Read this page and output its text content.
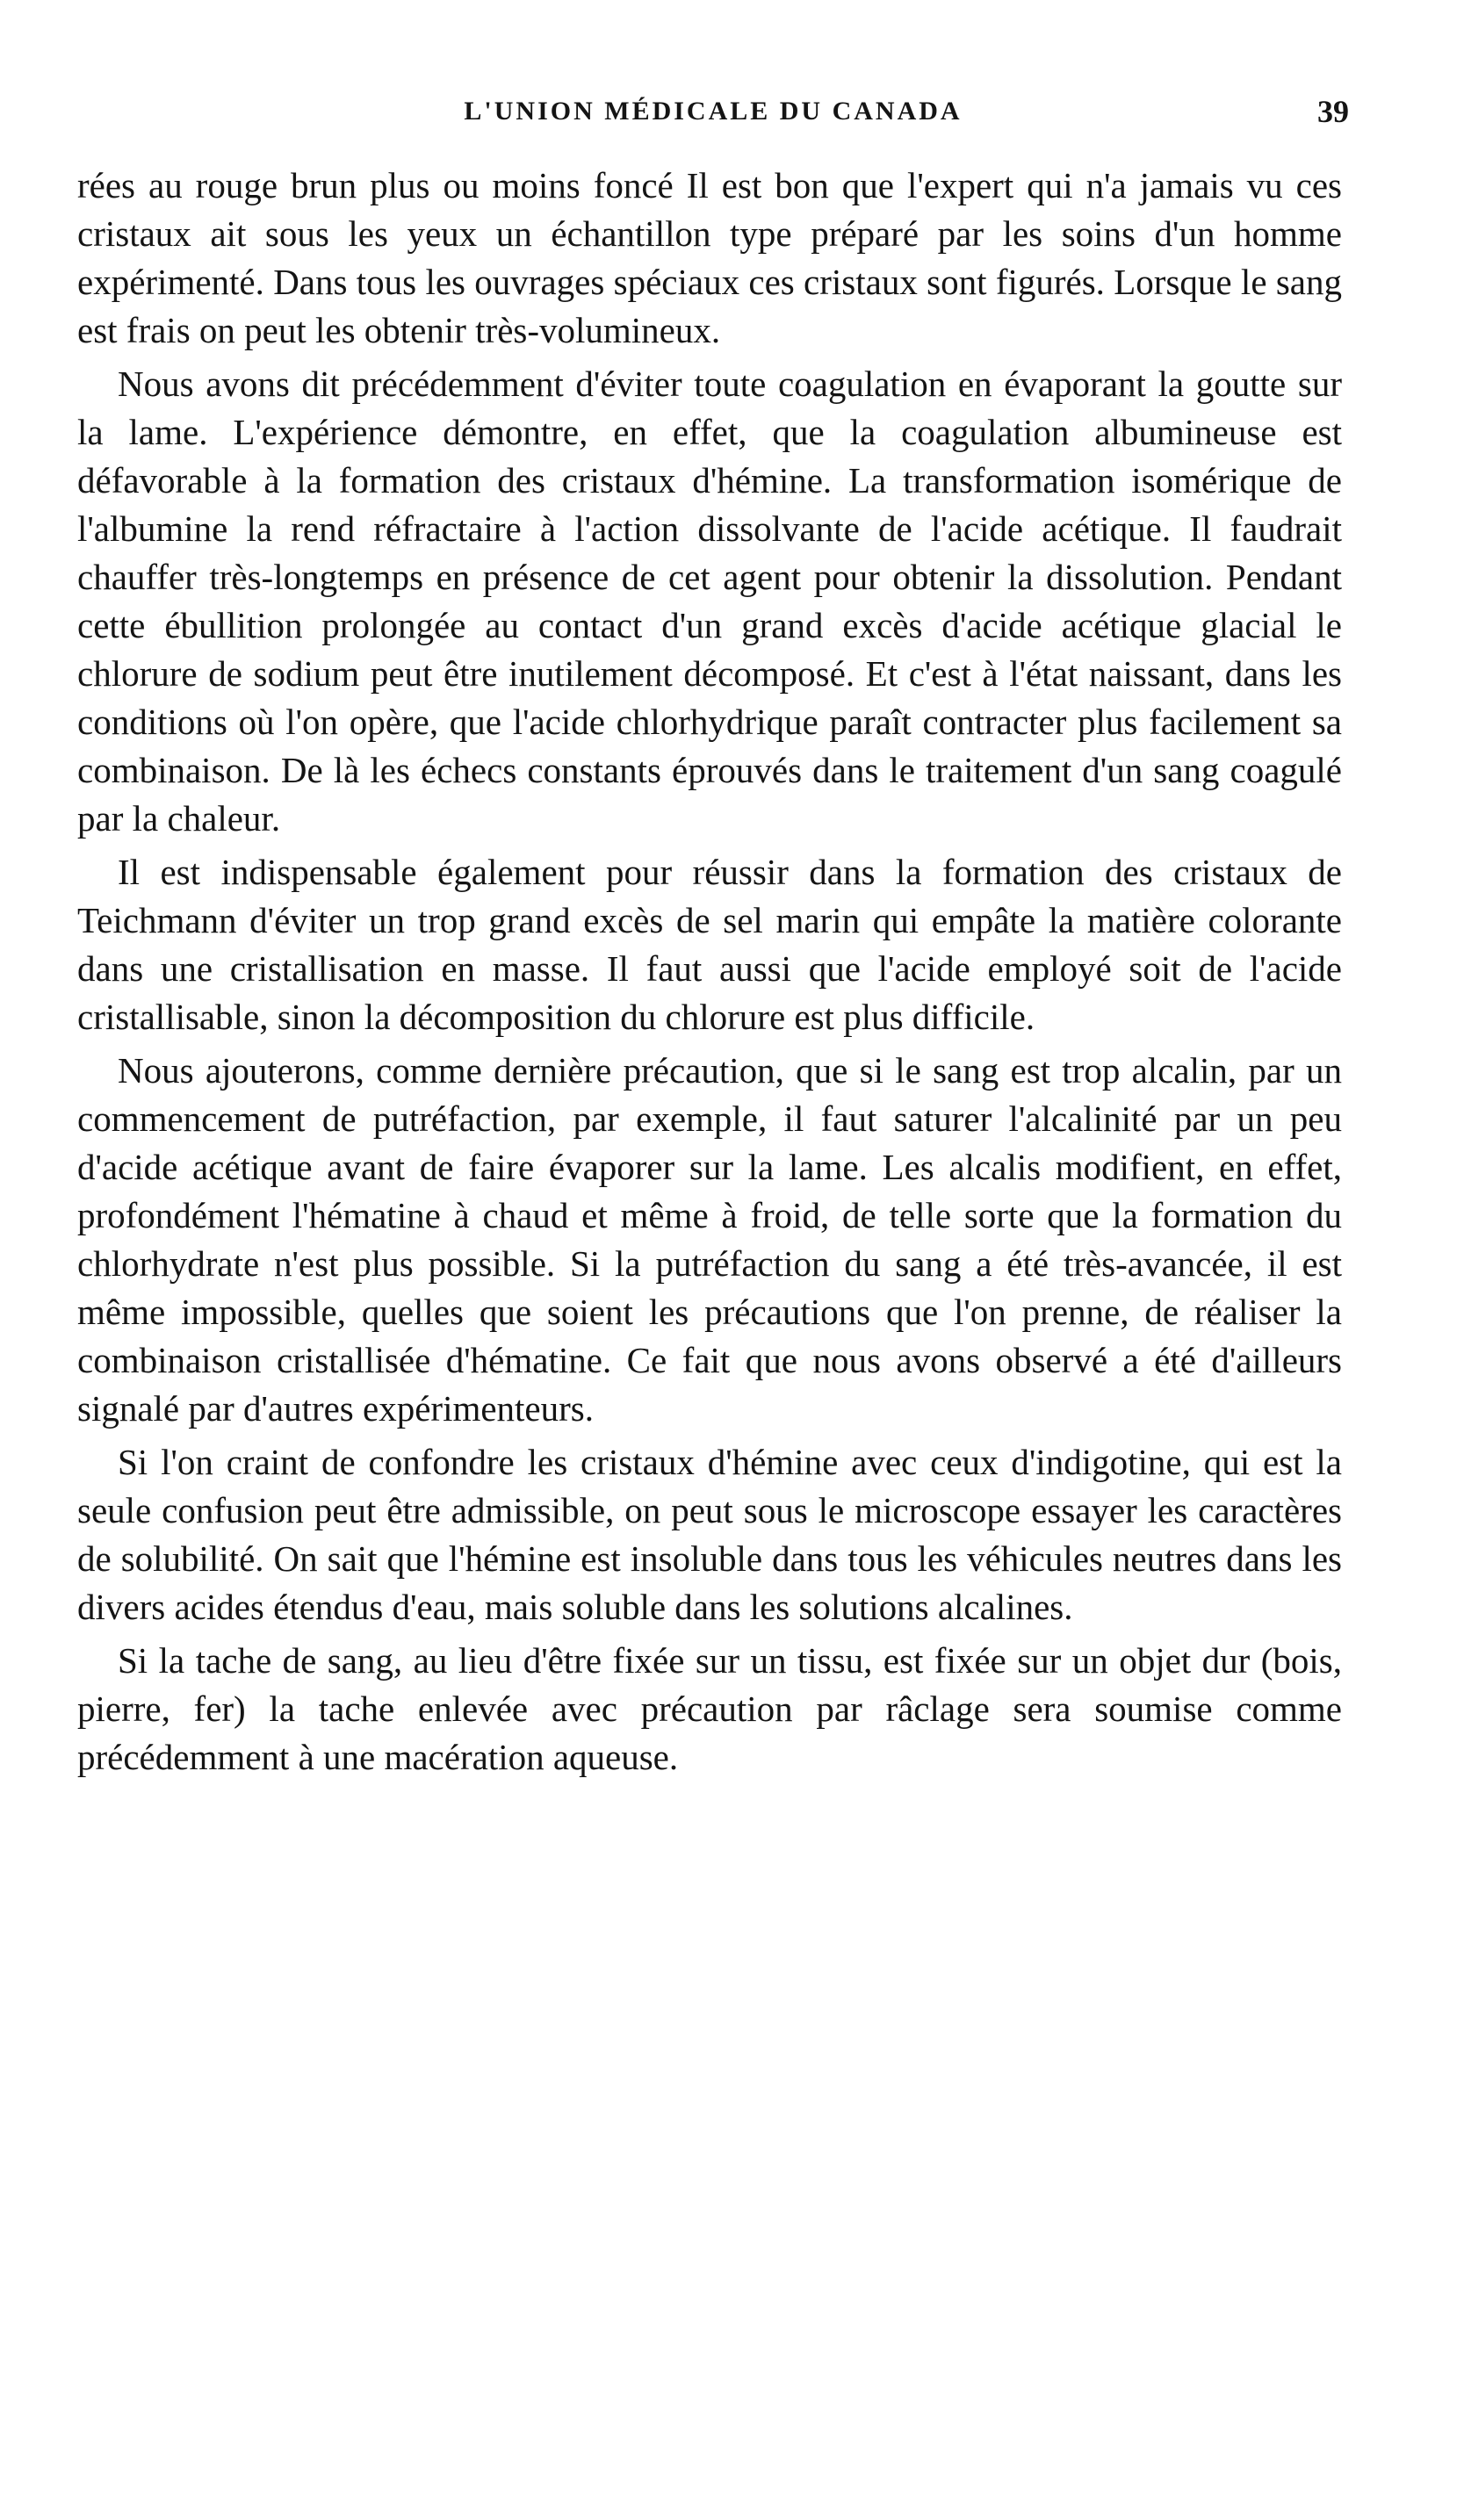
L'UNION MÉDICALE DU CANADA	39

rées au rouge brun plus ou moins foncé Il est bon que l'expert qui n'a jamais vu ces cristaux ait sous les yeux un échantillon type préparé par les soins d'un homme expérimenté. Dans tous les ouvrages spéciaux ces cristaux sont figurés. Lorsque le sang est frais on peut les obtenir très-volumineux.

Nous avons dit précédemment d'éviter toute coagulation en évaporant la goutte sur la lame. L'expérience démontre, en effet, que la coagulation albumineuse est défavorable à la formation des cristaux d'hémine. La transformation isomérique de l'albumine la rend réfractaire à l'action dissolvante de l'acide acétique. Il faudrait chauffer très-longtemps en présence de cet agent pour obtenir la dissolution. Pendant cette ébullition prolongée au contact d'un grand excès d'acide acétique glacial le chlorure de sodium peut être inutilement décomposé. Et c'est à l'état naissant, dans les conditions où l'on opère, que l'acide chlorhydrique paraît contracter plus facilement sa combinaison. De là les échecs constants éprouvés dans le traitement d'un sang coagulé par la chaleur.

Il est indispensable également pour réussir dans la formation des cristaux de Teichmann d'éviter un trop grand excès de sel marin qui empâte la matière colorante dans une cristallisation en masse. Il faut aussi que l'acide employé soit de l'acide cristallisable, sinon la décomposition du chlorure est plus difficile.

Nous ajouterons, comme dernière précaution, que si le sang est trop alcalin, par un commencement de putréfaction, par exemple, il faut saturer l'alcalinité par un peu d'acide acétique avant de faire évaporer sur la lame. Les alcalis modifient, en effet, profondément l'hématine à chaud et même à froid, de telle sorte que la formation du chlorhydrate n'est plus possible. Si la putréfaction du sang a été très-avancée, il est même impossible, quelles que soient les précautions que l'on prenne, de réaliser la combinaison cristallisée d'hématine. Ce fait que nous avons observé a été d'ailleurs signalé par d'autres expérimenteurs.

Si l'on craint de confondre les cristaux d'hémine avec ceux d'indigotine, qui est la seule confusion peut être admissible, on peut sous le microscope essayer les caractères de solubilité. On sait que l'hémine est insoluble dans tous les véhicules neutres dans les divers acides étendus d'eau, mais soluble dans les solutions alcalines.

Si la tache de sang, au lieu d'être fixée sur un tissu, est fixée sur un objet dur (bois, pierre, fer) la tache enlevée avec précaution par râclage sera soumise comme précédemment à une macération aqueuse.
